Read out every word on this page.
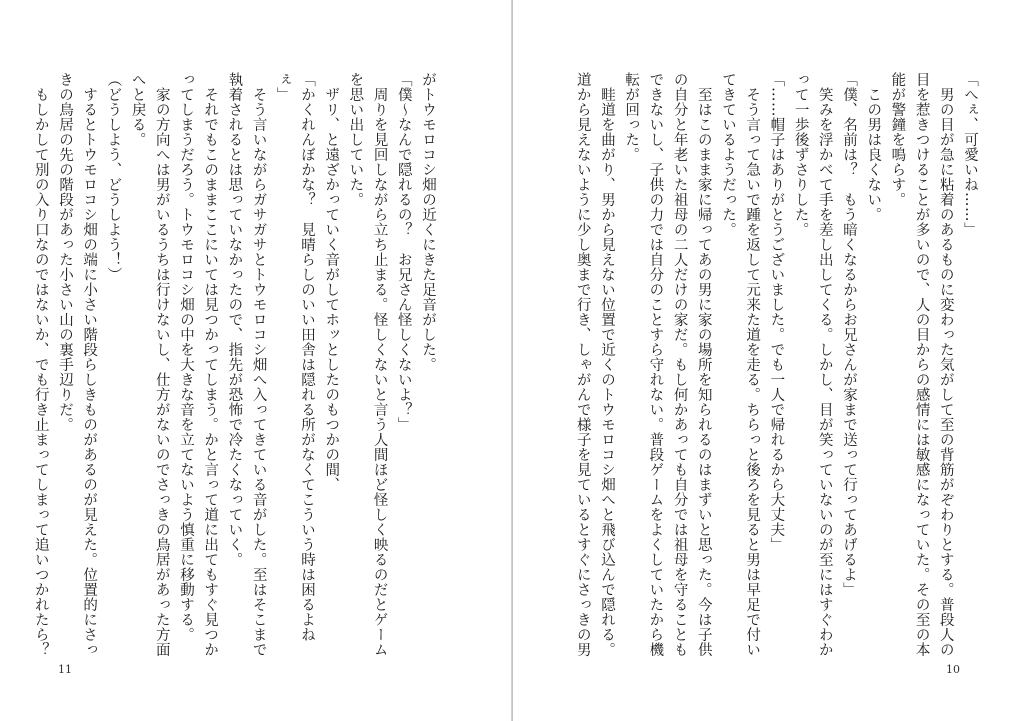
がトウモロコシ畑の近くにきた足音がした。

「僕～なんで隠れるの？　お兄さん怪しくないよ？」

周りを見回しながら立ち止まる。怪しくないと言う人間ほど怪しく映るのだとゲームを思い出していた。

ザリ、と遠ざかっていく音がしてホッとしたのもつかの間、

「かくれんぼかな？　見晴らしのいい田舎は隠れる所がなくてこういう時は困るよねぇ」

そう言いながらガサガサとトウモロコシ畑へ入ってきている音がした。至はそこまで執着されるとは思っていなかったので、指先が恐怖で冷たくなっていく。

それでもこのままここにいては見つかってしまう。かと言って道に出てもすぐ見つかってしまうだろう。トウモロコシ畑の中を大きな音を立てないよう慎重に移動する。

家の方向へは男がいるうちは行けないし、仕方がないのでさっきの鳥居があった方面へと戻る。

（どうしよう、どうしよう！）

するとトウモロコシ畑の端に小さい階段らしきものがあるのが見えた。位置的にさっきの鳥居の先の階段があった小さい山の裏手辺りだ。

もしかして別の入り口なのではないか、でも行き止まってしまって追いつかれたら？

11

「へぇ、可愛いね……」

男の目が急に粘着のあるものに変わった気がして至の背筋がぞわりとする。普段人の目を惹きつけることが多いので、人の目からの感情には敏感になっていた。その至の本能が警鐘を鳴らす。

この男は良くない。

「僕、名前は？　もう暗くなるからお兄さんが家まで送って行ってあげるよ」

笑みを浮かべて手を差し出してくる。しかし、目が笑っていないのが至にはすぐわかって一歩後ずさりした。

「……帽子はありがとうございました。でも一人で帰れるから大丈夫」

そう言って急いで踵を返して元来た道を走る。ちらっと後ろを見ると男は早足で付いてきているようだった。

至はこのまま家に帰ってあの男に家の場所を知られるのはまずいと思った。今は子供の自分と年老いた祖母の二人だけの家だ。もし何かあっても自分では祖母を守ることもできないし、子供の力では自分のことすら守れない。普段ゲームをよくしていたから機転が回った。

畦道を曲がり、男から見えない位置で近くのトウモロコシ畑へと飛び込んで隠れる。道から見えないように少し奥まで行き、しゃがんで様子を見ているとすぐにさっきの男

10
